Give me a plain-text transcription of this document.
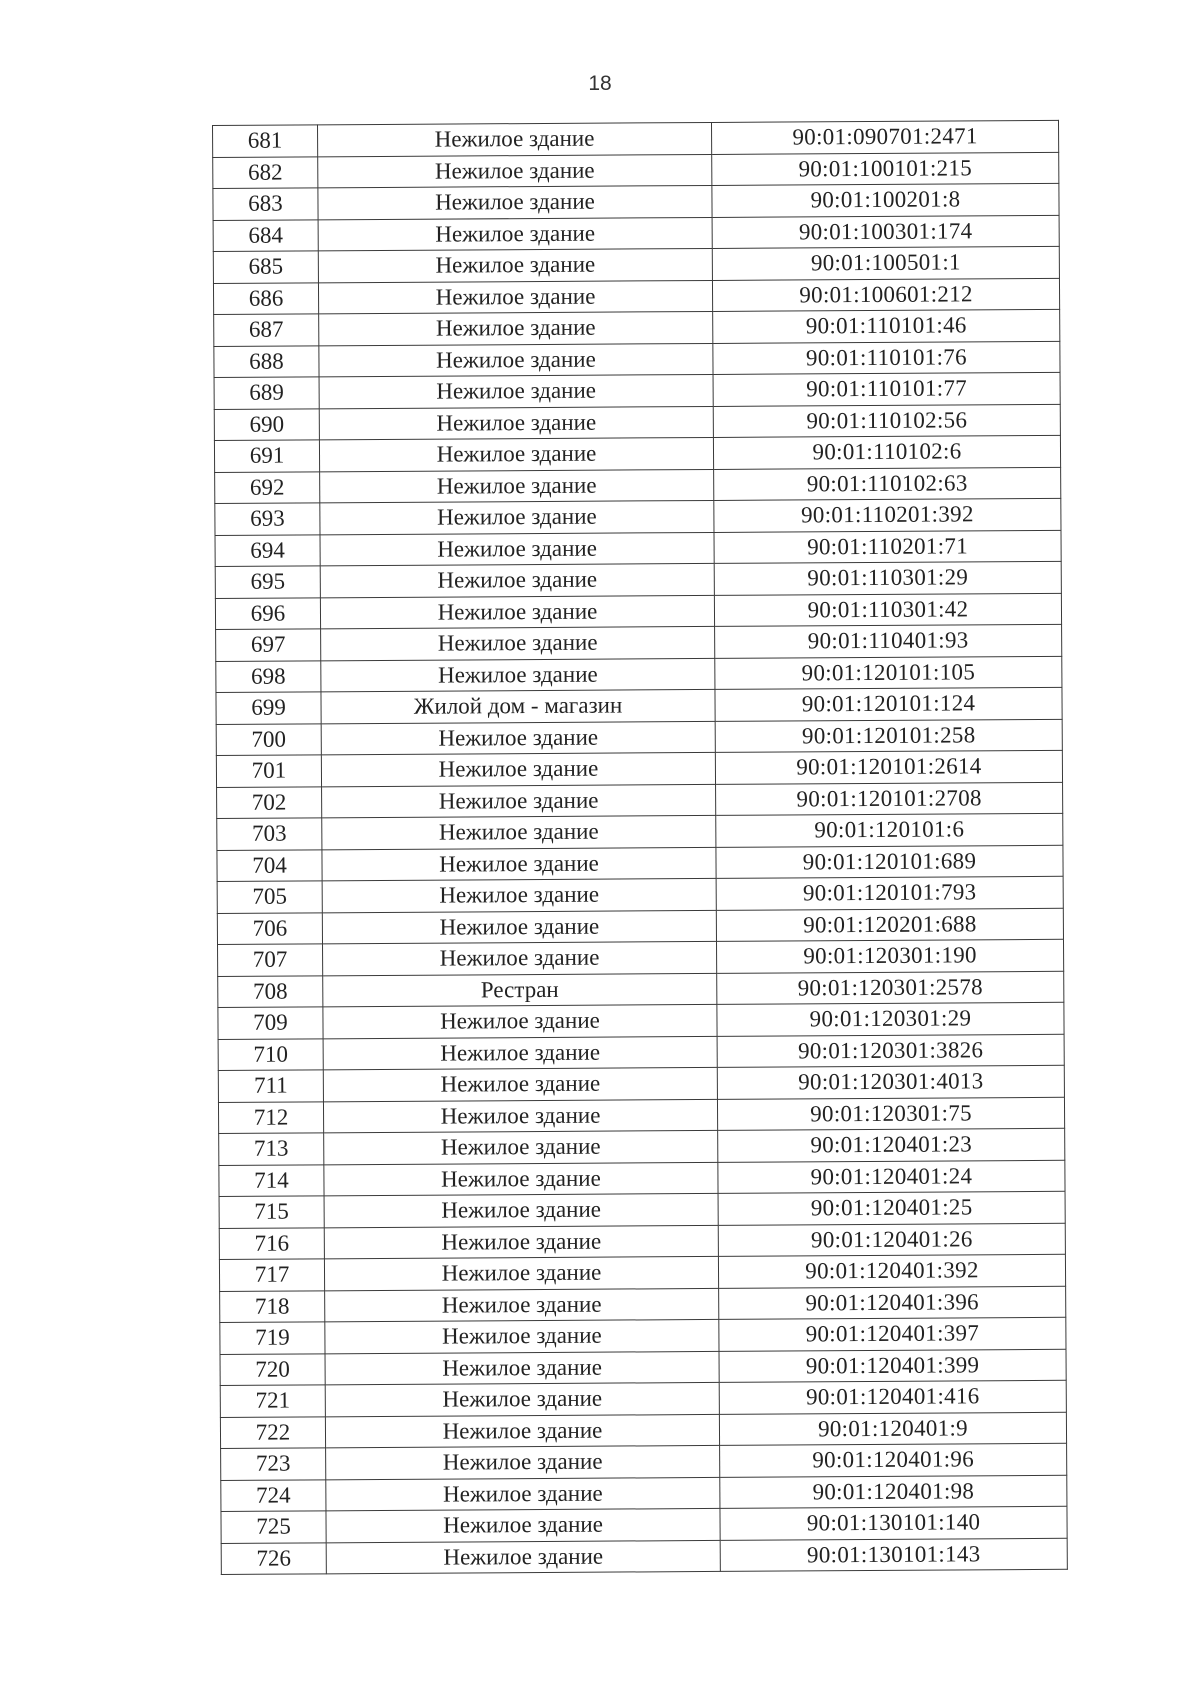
18
681	Нежилое здание	90:01:090701:2471
682	Нежилое здание	90:01:100101:215
683	Нежилое здание	90:01:100201:8
684	Нежилое здание	90:01:100301:174
685	Нежилое здание	90:01:100501:1
686	Нежилое здание	90:01:100601:212
687	Нежилое здание	90:01:110101:46
688	Нежилое здание	90:01:110101:76
689	Нежилое здание	90:01:110101:77
690	Нежилое здание	90:01:110102:56
691	Нежилое здание	90:01:110102:6
692	Нежилое здание	90:01:110102:63
693	Нежилое здание	90:01:110201:392
694	Нежилое здание	90:01:110201:71
695	Нежилое здание	90:01:110301:29
696	Нежилое здание	90:01:110301:42
697	Нежилое здание	90:01:110401:93
698	Нежилое здание	90:01:120101:105
699	Жилой дом - магазин	90:01:120101:124
700	Нежилое здание	90:01:120101:258
701	Нежилое здание	90:01:120101:2614
702	Нежилое здание	90:01:120101:2708
703	Нежилое здание	90:01:120101:6
704	Нежилое здание	90:01:120101:689
705	Нежилое здание	90:01:120101:793
706	Нежилое здание	90:01:120201:688
707	Нежилое здание	90:01:120301:190
708	Рестран	90:01:120301:2578
709	Нежилое здание	90:01:120301:29
710	Нежилое здание	90:01:120301:3826
711	Нежилое здание	90:01:120301:4013
712	Нежилое здание	90:01:120301:75
713	Нежилое здание	90:01:120401:23
714	Нежилое здание	90:01:120401:24
715	Нежилое здание	90:01:120401:25
716	Нежилое здание	90:01:120401:26
717	Нежилое здание	90:01:120401:392
718	Нежилое здание	90:01:120401:396
719	Нежилое здание	90:01:120401:397
720	Нежилое здание	90:01:120401:399
721	Нежилое здание	90:01:120401:416
722	Нежилое здание	90:01:120401:9
723	Нежилое здание	90:01:120401:96
724	Нежилое здание	90:01:120401:98
725	Нежилое здание	90:01:130101:140
726	Нежилое здание	90:01:130101:143
